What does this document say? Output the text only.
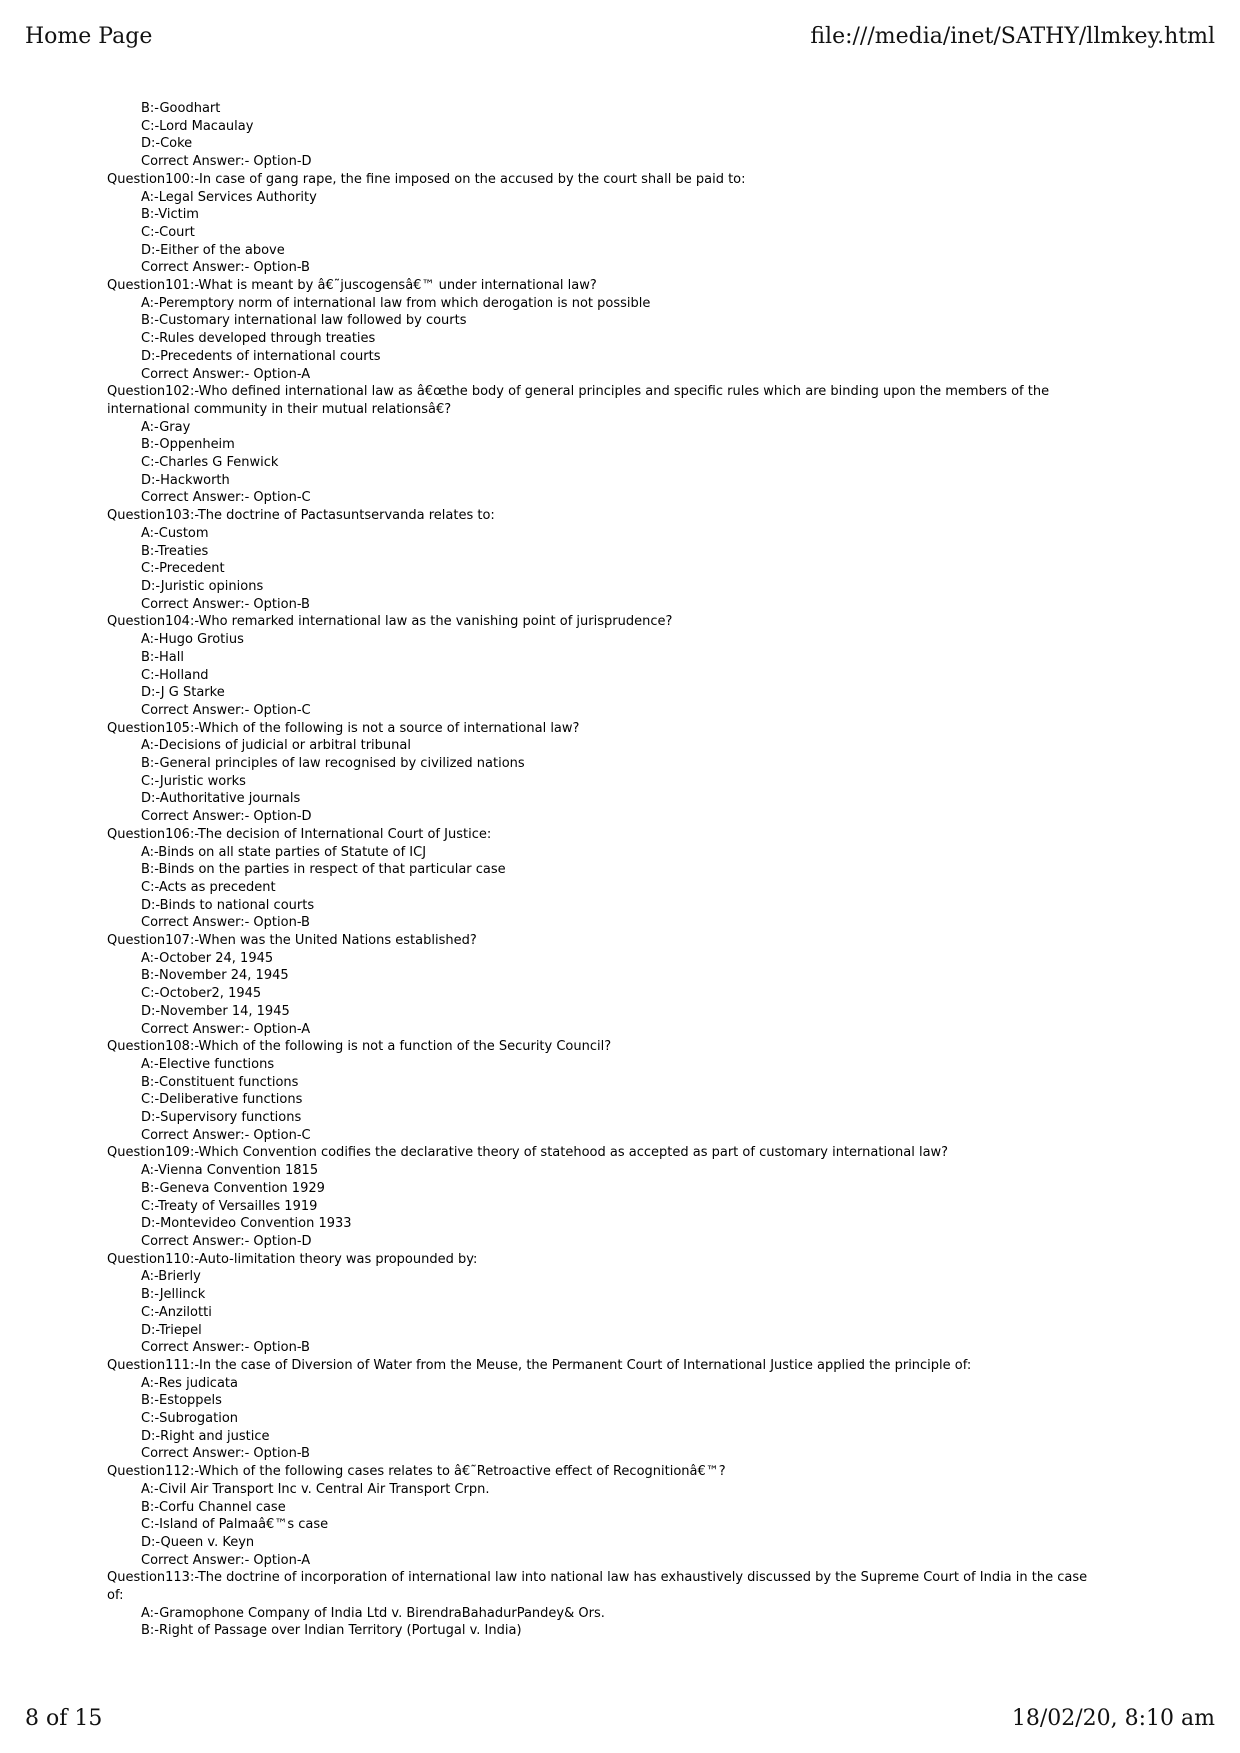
Home Page	file:///media/inet/SATHY/llmkey.html
B:-Goodhart
C:-Lord Macaulay
D:-Coke
Correct Answer:- Option-D
Question100:-In case of gang rape, the fine imposed on the accused by the court shall be paid to:
A:-Legal Services Authority
B:-Victim
C:-Court
D:-Either of the above
Correct Answer:- Option-B
Question101:-What is meant by â€˜juscogensâ€™ under international law?
A:-Peremptory norm of international law from which derogation is not possible
B:-Customary international law followed by courts
C:-Rules developed through treaties
D:-Precedents of international courts
Correct Answer:- Option-A
Question102:-Who defined international law as â€œthe body of general principles and specific rules which are binding upon the members of the international community in their mutual relationsâ€?
A:-Gray
B:-Oppenheim
C:-Charles G Fenwick
D:-Hackworth
Correct Answer:- Option-C
Question103:-The doctrine of Pactasuntservanda relates to:
A:-Custom
B:-Treaties
C:-Precedent
D:-Juristic opinions
Correct Answer:- Option-B
Question104:-Who remarked international law as the vanishing point of jurisprudence?
A:-Hugo Grotius
B:-Hall
C:-Holland
D:-J G Starke
Correct Answer:- Option-C
Question105:-Which of the following is not a source of international law?
A:-Decisions of judicial or arbitral tribunal
B:-General principles of law recognised by civilized nations
C:-Juristic works
D:-Authoritative journals
Correct Answer:- Option-D
Question106:-The decision of International Court of Justice:
A:-Binds on all state parties of Statute of ICJ
B:-Binds on the parties in respect of that particular case
C:-Acts as precedent
D:-Binds to national courts
Correct Answer:- Option-B
Question107:-When was the United Nations established?
A:-October 24, 1945
B:-November 24, 1945
C:-October2, 1945
D:-November 14, 1945
Correct Answer:- Option-A
Question108:-Which of the following is not a function of the Security Council?
A:-Elective functions
B:-Constituent functions
C:-Deliberative functions
D:-Supervisory functions
Correct Answer:- Option-C
Question109:-Which Convention codifies the declarative theory of statehood as accepted as part of customary international law?
A:-Vienna Convention 1815
B:-Geneva Convention 1929
C:-Treaty of Versailles 1919
D:-Montevideo Convention 1933
Correct Answer:- Option-D
Question110:-Auto-limitation theory was propounded by:
A:-Brierly
B:-Jellinck
C:-Anzilotti
D:-Triepel
Correct Answer:- Option-B
Question111:-In the case of Diversion of Water from the Meuse, the Permanent Court of International Justice applied the principle of:
A:-Res judicata
B:-Estoppels
C:-Subrogation
D:-Right and justice
Correct Answer:- Option-B
Question112:-Which of the following cases relates to â€˜Retroactive effect of Recognitionâ€™?
A:-Civil Air Transport Inc v. Central Air Transport Crpn.
B:-Corfu Channel case
C:-Island of Palmaâ€™s case
D:-Queen v. Keyn
Correct Answer:- Option-A
Question113:-The doctrine of incorporation of international law into national law has exhaustively discussed by the Supreme Court of India in the case of:
A:-Gramophone Company of India Ltd v. BirendraBahadurPandey& Ors.
B:-Right of Passage over Indian Territory (Portugal v. India)
8 of 15	18/02/20, 8:10 am
